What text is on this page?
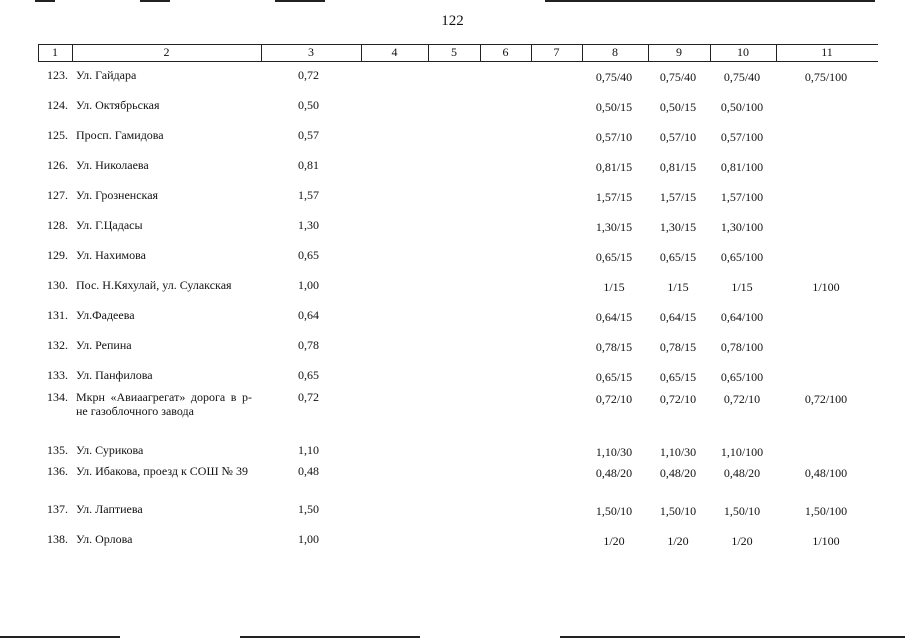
122
1	2	3	4	5	6	7	8	9	10	11
123. Ул. Гайдара	0,72	0,75/40	0,75/40	0,75/40	0,75/100
124. Ул. Октябрьская	0,50	0,50/15	0,50/15	0,50/100
125. Просп. Гамидова	0,57	0,57/10	0,57/10	0,57/100
126. Ул. Николаева	0,81	0,81/15	0,81/15	0,81/100
127. Ул. Грозненская	1,57	1,57/15	1,57/15	1,57/100
128. Ул. Г.Цадасы	1,30	1,30/15	1,30/15	1,30/100
129. Ул. Нахимова	0,65	0,65/15	0,65/15	0,65/100
130. Пос. Н.Кяхулай, ул. Сулакская	1,00	1/15	1/15	1/15	1/100
131. Ул.Фадеева	0,64	0,64/15	0,64/15	0,64/100
132. Ул. Репина	0,78	0,78/15	0,78/15	0,78/100
133. Ул. Панфилова	0,65	0,65/15	0,65/15	0,65/100
134. Мкрн «Авиаагрегат» дорога в р-не газоблочного завода
0,72	0,72/10	0,72/10	0,72/10	0,72/100
135. Ул. Сурикова	1,10	1,10/30	1,10/30	1,10/100
136. Ул. Ибакова, проезд к СОШ № 39	0,48	0,48/20	0,48/20	0,48/20	0,48/100
137. Ул. Лаптиева	1,50	1,50/10	1,50/10	1,50/10	1,50/100
138. Ул. Орлова	1,00	1/20	1/20	1/20	1/100
